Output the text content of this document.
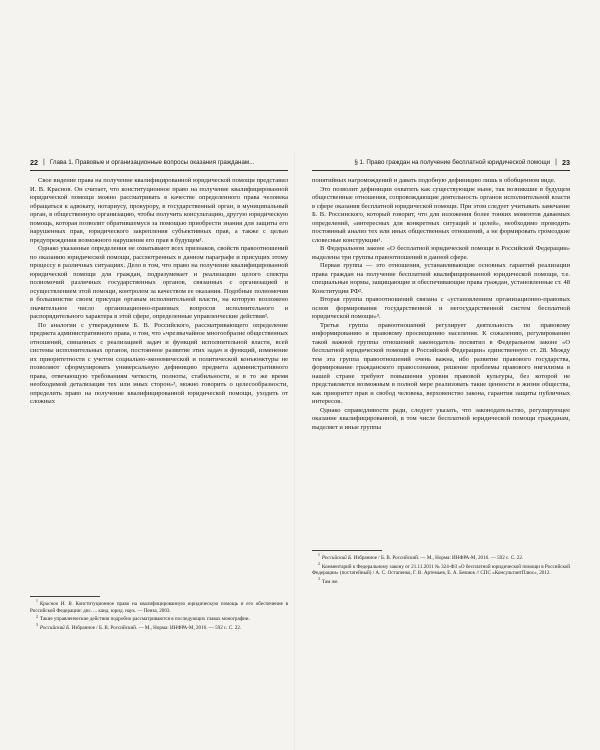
22 | Глава 1. Правовые и организационные вопросы оказания гражданам...

Свое видение права на получение квалифицированной юридической помощи представил И. В. Краснов. Он считает, что конституционное право на получение квалифицированной юридической помощи можно рассматривать в качестве определенного права человека обращаться к адвокату, нотариусу, прокурору, в государственный орган, в муниципальный орган, в общественную организацию, чтобы получить консультацию, другую юридическую помощь, которая позволит обратившемуся за помощью приобрести знания для защиты его нарушенных прав, юридического закрепления субъективных прав, а также с целью предупреждения возможного нарушения его прав в будущем¹.

Однако указанные определения не охватывают всех признаков, свойств правоотношений по оказанию юридической помощи, рассмотренных в данном параграфе и присущих этому процессу в различных ситуациях. Дело в том, что право на получение квалифицированной юридической помощи для граждан, подразумевает и реализацию целого спектра полномочий различных государственных органов, связанных с организацией и осуществлением этой помощи, контролем за качеством ее оказания. Подобные полномочия в большинстве своем присущи органам исполнительной власти, на которую возложено значительное число организационно-правовых вопросов исполнительного и распорядительного характера в этой сфере, определенные управленческие действия².

По аналогии с утверждением Б. В. Российского, рассматривающего определение предмета административного права, о том, что «чрезвычайное многообразие общественных отношений, связанных с реализацией задач и функций исполнительной власти, всей системы исполнительных органов, постоянное развитие этих задач и функций, изменение их приоритетности с учетом социально-экономической и политической конъюнктуры не позволяют сформулировать универсальную дефиницию предмета административного права, отвечающую требованиям четкости, полноты, стабильности, и в то же время необходимой детализации тех или иных сторон»³, можно говорить о целесообразности, определить право на получение квалифицированной юридической помощи, уходить от сложных

$^1$ Краснов И. В. Конституционное право на квалифицированную юридическую помощь и его обеспечение в Российской Федерации: дис. ... канд. юрид. наук. — Пенза, 2003.

$^2$ Такие управленческие действия подробно рассматриваются в последующих главах монографии.

$^3$ Российский Б. Избранное / Б. В. Российский. — М., Норма: ИНФРА-М, 2016. — 592 с. С. 22.

§ 1. Право граждан на получение бесплатной юридической помощи | 23

понятийных нагромождений и давать подобную дефиницию лишь в обобщенном виде.

Это позволит дефиниции охватить как существующие ныне, так возникшие в будущем общественные отношения, сопровождающие деятельность органов исполнительной власти в сфере оказания бесплатной юридической помощи. При этом следует учитывать замечание Б. В. Россинского, который говорит, что для изложения более тонких моментов даваемых определений, «интересных для конкретных ситуаций и целей», необходимо проводить постоянный анализ тех или иных общественных отношений, а не формировать громоздкие словесные конструкции¹.

В Федеральном законе «О бесплатной юридической помощи в Российской Федерации» выделены три группы правоотношений в данной сфере.

Первая группа — это отношения, устанавливающие основных гарантий реализации права граждан на получение бесплатной квалифицированной юридической помощи, т.е. специальные нормы, защищающие и обеспечивающие права граждан, установленные ст. 48 Конституции РФ².

Вторая группа правоотношений связана с «установлением организационно-правовых основ формирования государственной и негосударственной систем бесплатной юридической помощи»³.

Третья группа правоотношений регулирует деятельность по правовому информированию и правовому просвещению населения. К сожалению, регулированию такой важной группы отношений законодатель посвятил в Федеральном законе «О бесплатной юридической помощи в Российской Федерации» единственную ст. 28. Между тем эта группа правоотношений очень важна, ибо развитие правового государства, формирование гражданского правосознания, решение проблемы правового нигилизма в нашей стране требуют повышения уровня правовой культуры, без которой не представляется возможным в полной мере реализовать такие ценности в жизни общества, как приоритет прав и свобод человека, верховенство закона, гарантия защиты публичных интересов.

Однако справедливости ради, следует указать, что законодательство, регулирующее оказание квалифицированной, в том числе бесплатной юридической помощи гражданам, выделяет и иные группы

$^1$ Российский Б. Избранное / Б. В. Российский. — М., Норма: ИНФРА-М, 2016. — 592 с. С. 22.

$^2$ Комментарий к Федеральному закону от 21.11.2011 № 324-ФЗ «О бесплатной юридической помощи в Российской Федерации» (постатейный) / А. С. Остапенко, Г. В. Артемьев, Е. А. Бевзюк // СПС «КонсультантПлюс», 2012.

$^3$ Там же.
